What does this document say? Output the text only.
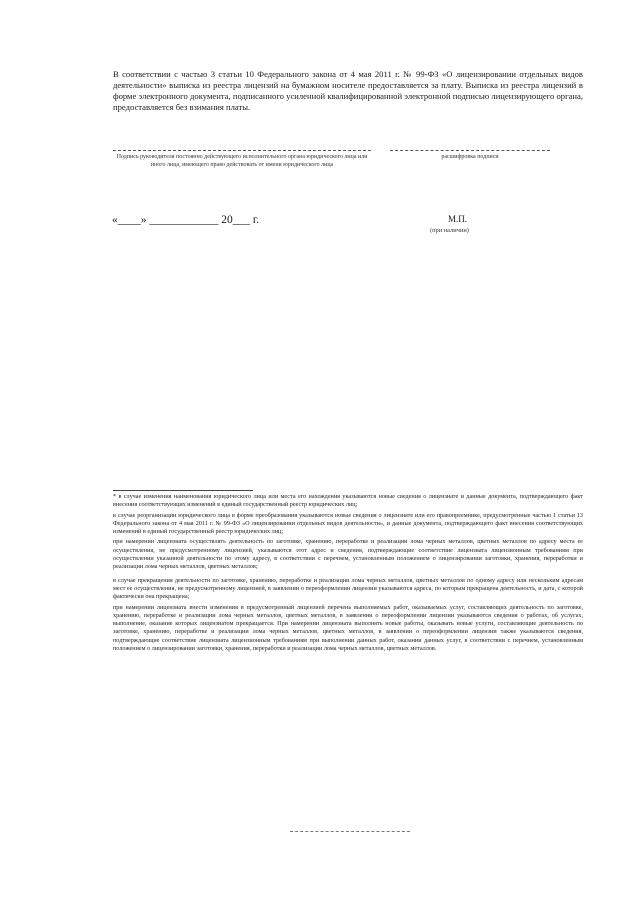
В соответствии с частью 3 статьи 10 Федерального закона от 4 мая 2011 г. № 99-ФЗ «О лицензировании отдельных видов деятельности» выписка из реестра лицензий на бумажном носителе предоставляется за плату. Выписка из реестра лицензий в форме электронного документа, подписанного усиленной квалифицированной электронной подписью лицензирующего органа, предоставляется без взимания платы.
Подпись руководителя постоянно действующего исполнительного органа юридического лица или иного лица, имеющего право действовать от имени юридического лица
расшифровка подписи
«____» ____________ 20___ г.	М.П.
(при наличии)

* в случае изменения наименования юридического лица или места его нахождения указываются новые сведения о лицензиате и данные документа, подтверждающего факт внесения соответствующих изменений в единый государственный реестр юридических лиц;

в случае реорганизации юридического лица в форме преобразования указываются новые сведения о лицензиате или его правопреемнике, предусмотренные частью 1 статьи 13 Федерального закона от 4 мая 2011 г. № 99-ФЗ «О лицензировании отдельных видов деятельности», и данные документа, подтверждающего факт внесения соответствующих изменений в единый государственный реестр юридических лиц;

при намерении лицензиата осуществлять деятельность по заготовке, хранению, переработке и реализации лома черных металлов, цветных металлов по адресу места ее осуществления, не предусмотренному лицензией, указываются этот адрес и сведения, подтверждающие соответствие лицензиата лицензионным требованиям при осуществлении указанной деятельности по этому адресу, в соответствии с перечнем, установленным положением о лицензировании заготовки, хранения, переработки и реализации лома черных металлов, цветных металлов;

в случае прекращения деятельности по заготовке, хранению, переработке и реализации лома черных металлов, цветных металлов по одному адресу или нескольким адресам мест ее осуществления, не предусмотренному лицензией, в заявлении о переоформлении лицензии указываются адреса, по которым прекращена деятельность, и дата, с которой фактически она прекращена;

при намерении лицензиата внести изменения в предусмотренный лицензией перечень выполняемых работ, оказываемых услуг, составляющих деятельность по заготовке, хранению, переработке и реализации лома черных металлов, цветных металлов, в заявлении о переоформлении лицензии указываются сведения о работах, об услугах, выполнение, оказание которых лицензиатом прекращается. При намерении лицензиата выполнять новые работы, оказывать новые услуги, составляющие деятельность по заготовке, хранению, переработке и реализации лома черных металлов, цветных металлов, в заявлении о переоформлении лицензии также указываются сведения, подтверждающие соответствие лицензиата лицензионным требованиям при выполнении данных работ, оказании данных услуг, в соответствии с перечнем, установленным положением о лицензировании заготовки, хранения, переработки и реализации лома черных металлов, цветных металлов.
